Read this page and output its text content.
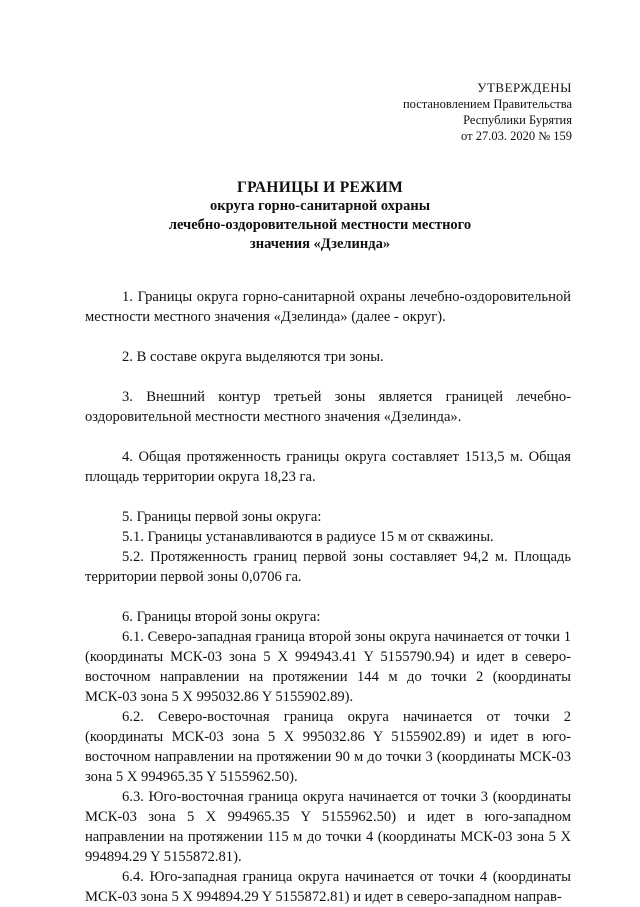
УТВЕРЖДЕНЫ
постановлением Правительства
Республики Бурятия
от 27.03. 2020 № 159
ГРАНИЦЫ И РЕЖИМ
округа горно-санитарной охраны
лечебно-оздоровительной местности местного
значения «Дзелинда»

1. Границы округа горно-санитарной охраны лечебно-оздоровительной местности местного значения «Дзелинда» (далее - округ).

2. В составе округа выделяются три зоны.

3. Внешний контур третьей зоны является границей лечебно-оздоровительной местности местного значения «Дзелинда».

4. Общая протяженность границы округа составляет 1513,5 м. Общая площадь территории округа 18,23 га.

5. Границы первой зоны округа:

5.1. Границы устанавливаются в радиусе 15 м от скважины.

5.2. Протяженность границ первой зоны составляет 94,2 м. Площадь территории первой зоны 0,0706 га.

6. Границы второй зоны округа:

6.1. Северо-западная граница второй зоны округа начинается от точки 1 (координаты МСК-03 зона 5 X 994943.41 Y 5155790.94) и идет в северо-восточном направлении на протяжении 144 м до точки 2 (координаты МСК-03 зона 5 X 995032.86 Y 5155902.89).

6.2. Северо-восточная граница округа начинается от точки 2 (координаты МСК-03 зона 5 X 995032.86 Y 5155902.89) и идет в юго-восточном направлении на протяжении 90 м до точки 3 (координаты МСК-03 зона 5 X 994965.35 Y 5155962.50).

6.3. Юго-восточная граница округа начинается от точки 3 (координаты МСК-03 зона 5 X 994965.35 Y 5155962.50) и идет в юго-западном направлении на протяжении 115 м до точки 4 (координаты МСК-03 зона 5 X 994894.29 Y 5155872.81).

6.4. Юго-западная граница округа начинается от точки 4 (координаты МСК-03 зона 5 X 994894.29 Y 5155872.81) и идет в северо-западном направ-
